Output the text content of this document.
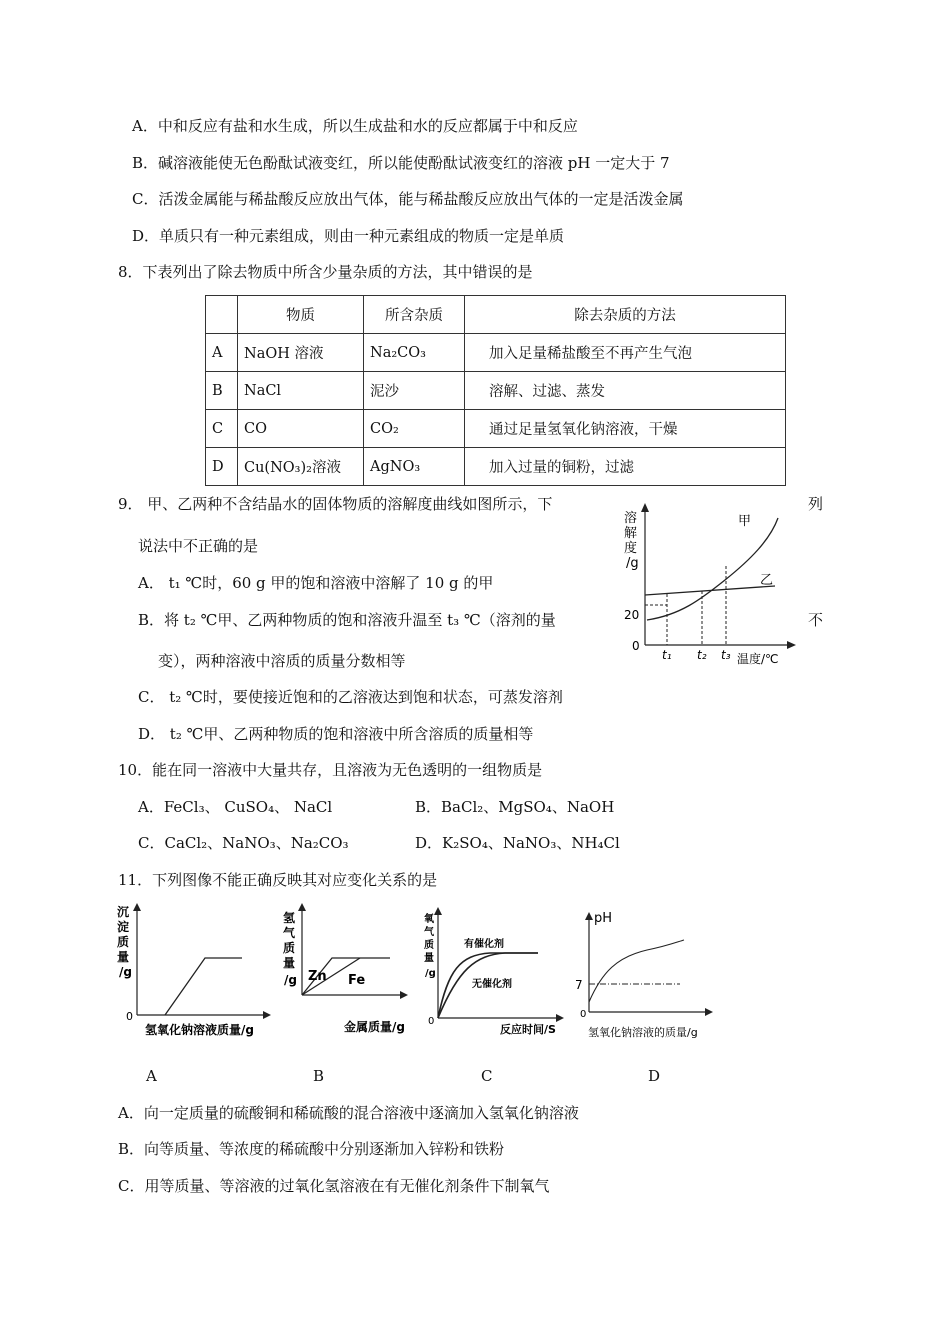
A．中和反应有盐和水生成，所以生成盐和水的反应都属于中和反应
B．碱溶液能使无色酚酞试液变红，所以能使酚酞试液变红的溶液 pH 一定大于 7
C．活泼金属能与稀盐酸反应放出气体，能与稀盐酸反应放出气体的一定是活泼金属
D．单质只有一种元素组成，则由一种元素组成的物质一定是单质
8．下表列出了除去物质中所含少量杂质的方法，其中错误的是
	物质	所含杂质	除去杂质的方法
A	NaOH 溶液	Na₂CO₃	加入足量稀盐酸至不再产生气泡
B	NaCl	泥沙	溶解、过滤、蒸发
C	CO	CO₂	通过足量氢氧化钠溶液，干燥
D	Cu(NO₃)₂溶液	AgNO₃	加入过量的铜粉，过滤
9． 甲、乙两种不含结晶水的固体物质的溶解度曲线如图所示，下	列
说法中不正确的是
A． t₁ ℃时，60 g 甲的饱和溶液中溶解了 10 g 的甲
B．将 t₂ ℃甲、乙两种物质的饱和溶液升温至 t₃ ℃（溶剂的量	不
变），两种溶液中溶质的质量分数相等
C． t₂ ℃时，要使接近饱和的乙溶液达到饱和状态，可蒸发溶剂
D． t₂ ℃甲、乙两种物质的饱和溶液中所含溶质的质量相等
溶 解 度 /g
甲
乙
20
0
t₁ t₂ t₃ 温度/℃
10．能在同一溶液中大量共存，且溶液为无色透明的一组物质是
A．FeCl₃、 CuSO₄、 NaCl	B．BaCl₂、MgSO₄、NaOH
C．CaCl₂、NaNO₃、Na₂CO₃	D．K₂SO₄、NaNO₃、NH₄Cl
11．下列图像不能正确反映其对应变化关系的是
沉淀质量/g
0
氢氧化钠溶液质量/g
氢气质量/g Zn Fe
金属质量/g
氧气质量/g
有催化剂
无催化剂
0
反应时间/S
pH
7
0
氢氧化钠溶液的质量/g
A	B	C	D
A．向一定质量的硫酸铜和稀硫酸的混合溶液中逐滴加入氢氧化钠溶液
B．向等质量、等浓度的稀硫酸中分别逐渐加入锌粉和铁粉
C．用等质量、等溶液的过氧化氢溶液在有无催化剂条件下制氧气
